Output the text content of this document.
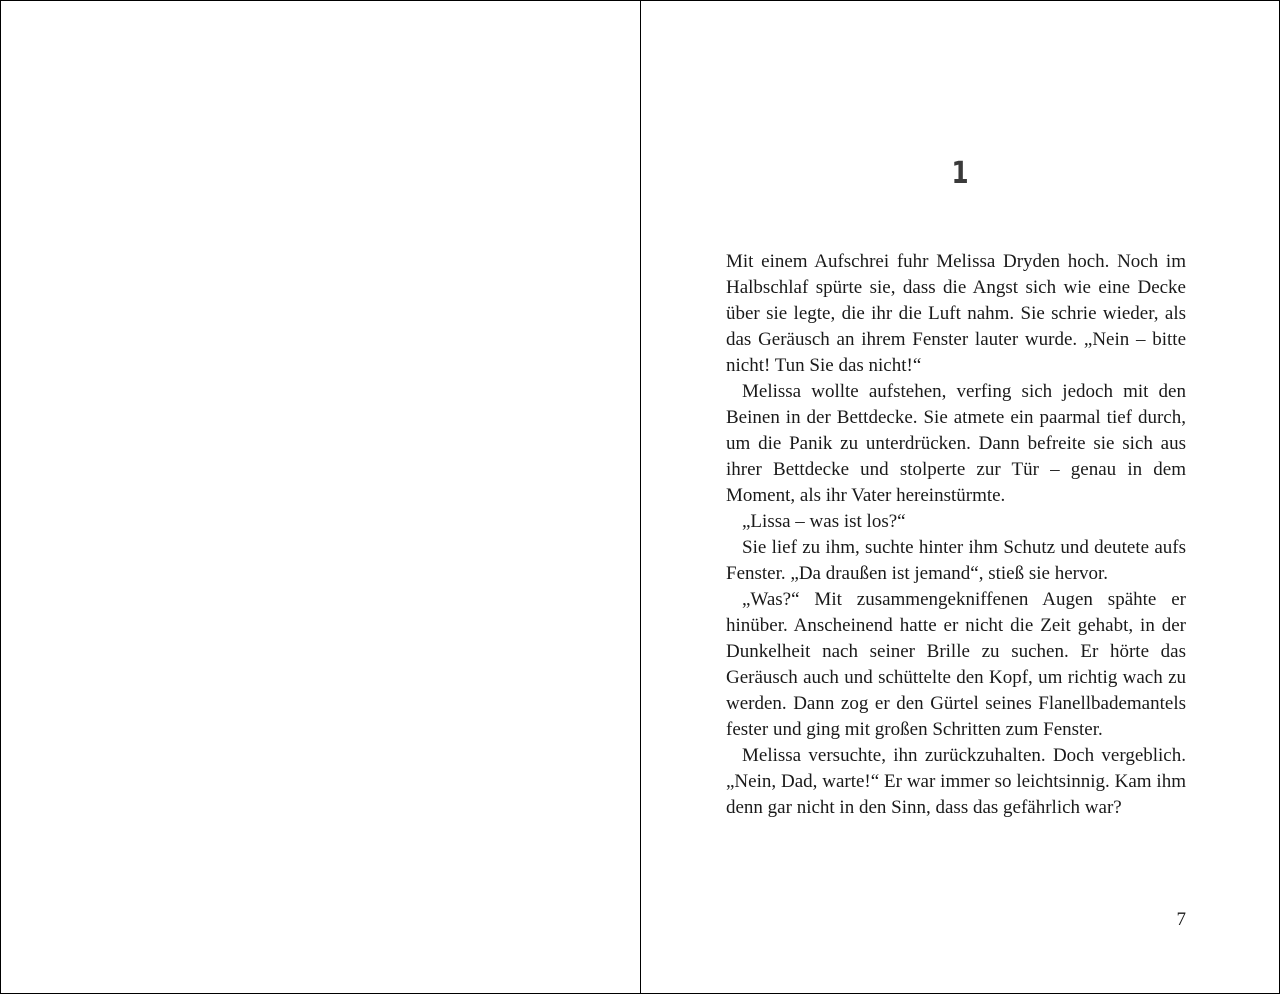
1

Mit einem Aufschrei fuhr Melissa Dryden hoch. Noch im Halbschlaf spürte sie, dass die Angst sich wie eine Decke über sie legte, die ihr die Luft nahm. Sie schrie wieder, als das Geräusch an ihrem Fenster lauter wurde. „Nein – bitte nicht! Tun Sie das nicht!“

Melissa wollte aufstehen, verfing sich jedoch mit den Beinen in der Bettdecke. Sie atmete ein paarmal tief durch, um die Panik zu unterdrücken. Dann befreite sie sich aus ihrer Bettdecke und stolperte zur Tür – genau in dem Moment, als ihr Vater hereinstürmte.

„Lissa – was ist los?“

Sie lief zu ihm, suchte hinter ihm Schutz und deutete aufs Fenster. „Da draußen ist jemand“, stieß sie hervor.

„Was?“ Mit zusammengekniffenen Augen spähte er hinüber. Anscheinend hatte er nicht die Zeit gehabt, in der Dunkelheit nach seiner Brille zu suchen. Er hörte das Geräusch auch und schüttelte den Kopf, um richtig wach zu werden. Dann zog er den Gürtel seines Flanellbademantels fester und ging mit großen Schritten zum Fenster.

Melissa versuchte, ihn zurückzuhalten. Doch vergeblich. „Nein, Dad, warte!“ Er war immer so leichtsinnig. Kam ihm denn gar nicht in den Sinn, dass das gefährlich war?

7
